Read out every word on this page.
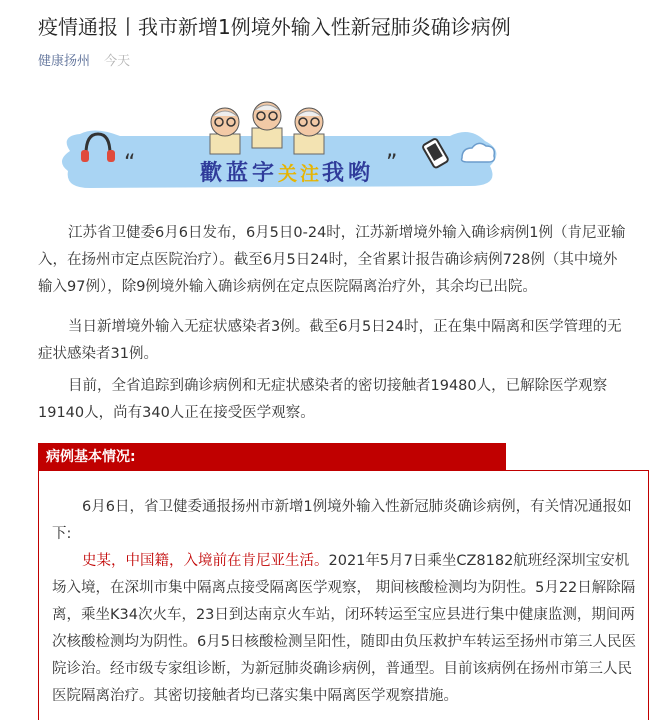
疫情通报丨我市新增1例境外输入性新冠肺炎确诊病例
健康扬州 今天
“	”
歡蓝字关注我哟

江苏省卫健委6月6日发布，6月5日0-24时，江苏新增境外输入确诊病例1例（肯尼亚输入，在扬州市定点医院治疗）。截至6月5日24时，全省累计报告确诊病例728例（其中境外输入97例），除9例境外输入确诊病例在定点医院隔离治疗外，其余均已出院。

当日新增境外输入无症状感染者3例。截至6月5日24时，正在集中隔离和医学管理的无症状感染者31例。

目前，全省追踪到确诊病例和无症状感染者的密切接触者19480人，已解除医学观察19140人，尚有340人正在接受医学观察。

病例基本情况:

6月6日，省卫健委通报扬州市新增1例境外输入性新冠肺炎确诊病例，有关情况通报如下:

史某，中国籍，入境前在肯尼亚生活。2021年5月7日乘坐CZ8182航班经深圳宝安机场入境，在深圳市集中隔离点接受隔离医学观察， 期间核酸检测均为阴性。5月22日解除隔离，乘坐K34次火车，23日到达南京火车站，闭环转运至宝应县进行集中健康监测，期间两次核酸检测均为阴性。6月5日核酸检测呈阳性，随即由负压救护车转运至扬州市第三人民医院诊治。经市级专家组诊断，为新冠肺炎确诊病例，普通型。目前该病例在扬州市第三人民医院隔离治疗。其密切接触者均已落实集中隔离医学观察措施。
